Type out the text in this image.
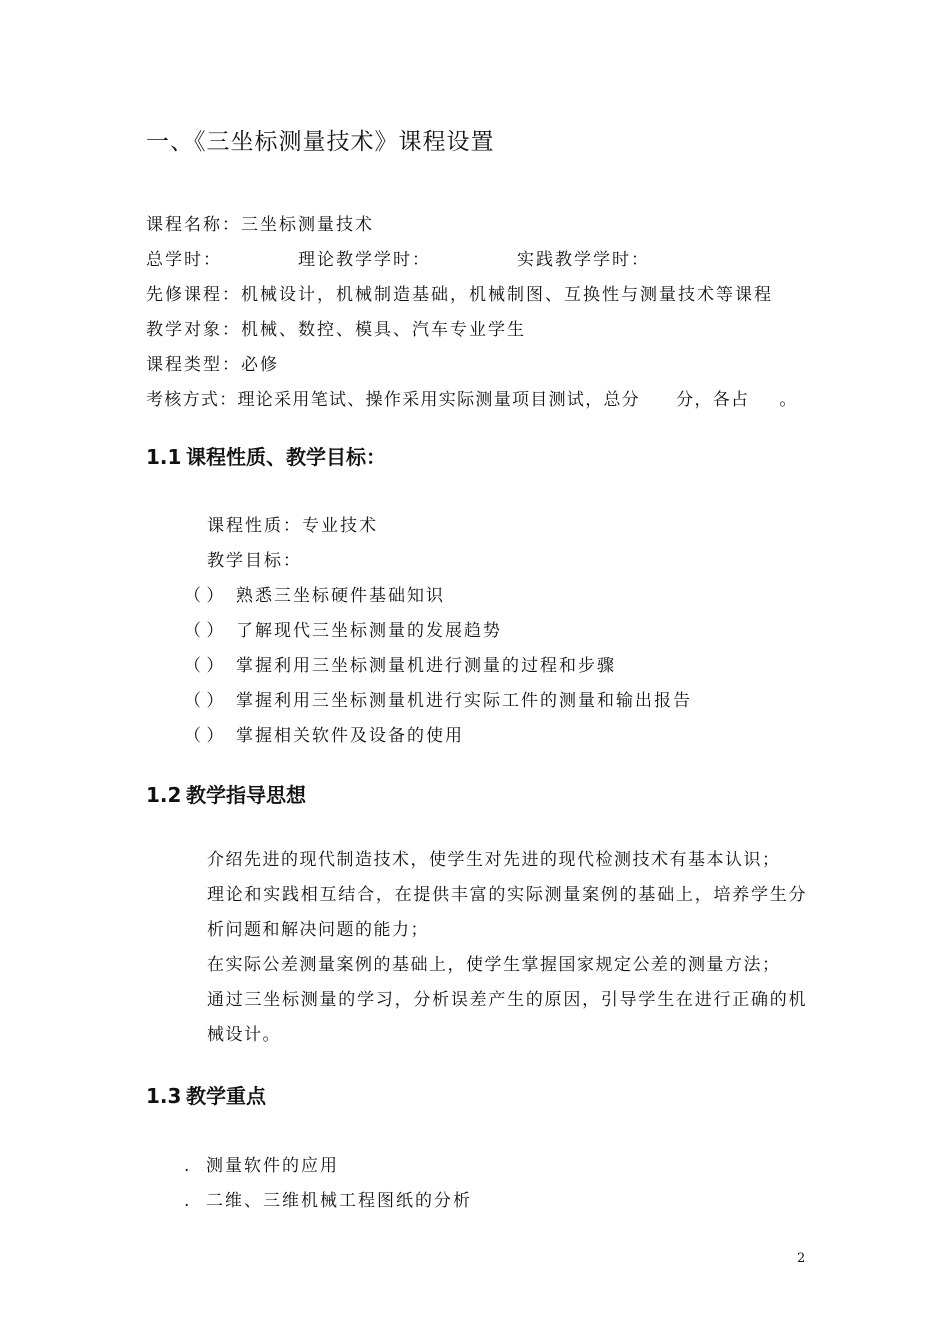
一、《三坐标测量技术》课程设置
课程名称：三坐标测量技术
总学时：	理论教学学时：	实践教学学时：
先修课程：机械设计，机械制造基础，机械制图、互换性与测量技术等课程
教学对象：机械、数控、模具、汽车专业学生
课程类型：必修
考核方式：理论采用笔试、操作采用实际测量项目测试，总分 分，各占 。
1.1 课程性质、教学目标：
课程性质：专业技术
教学目标：
（ ） 熟悉三坐标硬件基础知识
（ ） 了解现代三坐标测量的发展趋势
（ ） 掌握利用三坐标测量机进行测量的过程和步骤
（ ） 掌握利用三坐标测量机进行实际工件的测量和输出报告
（ ） 掌握相关软件及设备的使用
1.2 教学指导思想

介绍先进的现代制造技术，使学生对先进的现代检测技术有基本认识；

理论和实践相互结合，在提供丰富的实际测量案例的基础上，培养学生分析问题和解决问题的能力；

在实际公差测量案例的基础上，使学生掌握国家规定公差的测量方法；

通过三坐标测量的学习，分析误差产生的原因，引导学生在进行正确的机械设计。

1.3 教学重点
. 测量软件的应用
. 二维、三维机械工程图纸的分析
2
